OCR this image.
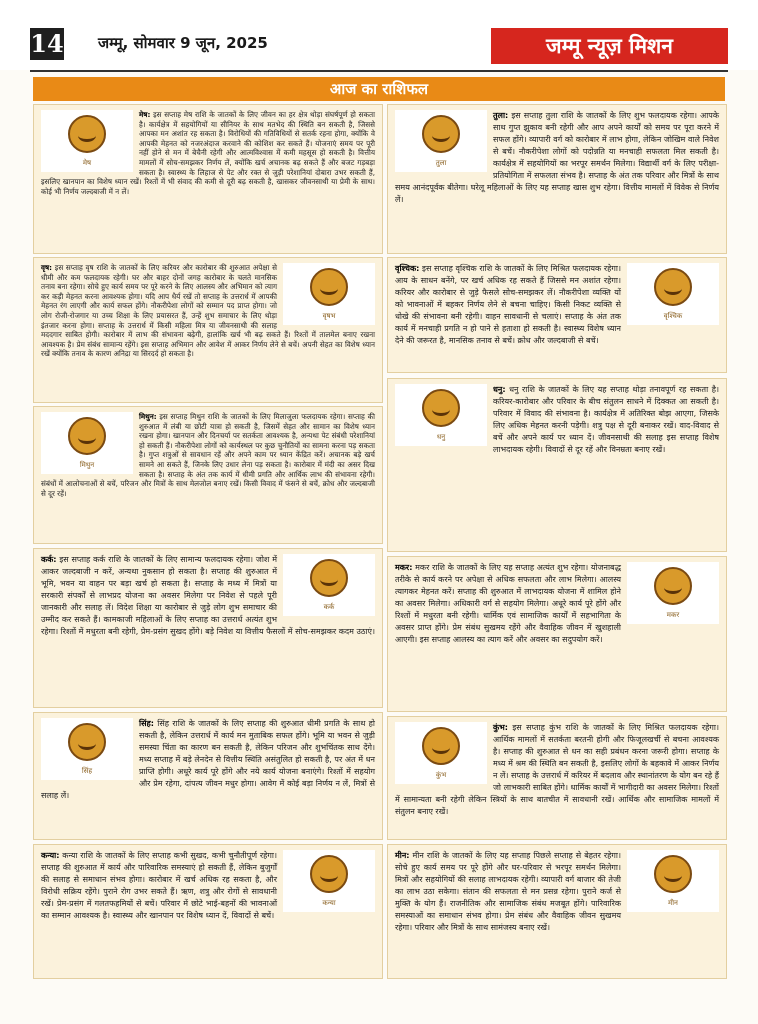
14 जम्मू, सोमवार 9 जून, 2025	जम्मू न्यूज़ मिशन
आज का राशिफल
मेष

मेष: इस सप्ताह मेष राशि के जातकों के लिए जीवन का हर क्षेत्र थोड़ा संघर्षपूर्ण हो सकता है। कार्यक्षेत्र में सहयोगियों या सीनियर के साथ मतभेद की स्थिति बन सकती है, जिससे आपका मन अशांत रह सकता है। विरोधियों की गतिविधियों से सतर्क रहना होगा, क्योंकि वे आपकी मेहनत को नजरअंदाज करवाने की कोशिश कर सकते हैं। योजनाएं समय पर पूरी नहीं होने से मन में बेचैनी रहेगी और आत्मविश्वास में कमी महसूस हो सकती है। वित्तीय मामलों में सोच-समझकर निर्णय लें, क्योंकि खर्च अचानक बढ़ सकते हैं और बजट गड़बड़ा सकता है। स्वास्थ्य के लिहाज से पेट और रक्त से जुड़ी परेशानियां दोबारा उभर सकती हैं, इसलिए खानपान का विशेष ध्यान रखें। रिश्तों में भी संवाद की कमी से दूरी बढ़ सकती है, खासकर जीवनसाथी या प्रेमी के साथ। कोई भी निर्णय जल्दबाजी में न लें।

वृषभ

वृष: इस सप्ताह वृष राशि के जातकों के लिए करियर और कारोबार की शुरुआत अपेक्षा से धीमी और कम फलदायक रहेगी। घर और बाहर दोनों जगह कारोबार के चलते मानसिक तनाव बना रहेगा। सोचे हुए कार्य समय पर पूरे करने के लिए आलस्य और अभिमान को त्याग कर कड़ी मेहनत करना आवश्यक होगा। यदि आप धैर्य रखें तो सप्ताह के उत्तरार्ध में आपकी मेहनत रंग लाएगी और कार्य सफल होंगे। नौकरीपेशा लोगों को सम्मान पद प्राप्त होगा। जो लोग रोजी-रोजगार या उच्च शिक्षा के लिए प्रयासरत हैं, उन्हें शुभ समाचार के लिए थोड़ा इंतजार करना होगा। सप्ताह के उत्तरार्ध में किसी महिला मित्र या जीवनसाथी की सलाह मददगार साबित होगी। कारोबार में लाभ की संभावना बढ़ेगी, हालांकि खर्च भी बढ़ सकते हैं। रिश्तों में तालमेल बनाए रखना आवश्यक है। प्रेम संबंध सामान्य रहेंगे। इस सप्ताह अभिमान और आवेश में आकर निर्णय लेने से बचें। अपनी सेहत का विशेष ध्यान रखें क्योंकि तनाव के कारण अनिद्रा या सिरदर्द हो सकता है।

मिथुन

मिथुन: इस सप्ताह मिथुन राशि के जातकों के लिए मिलाजुला फलदायक रहेगा। सप्ताह की शुरुआत में लंबी या छोटी यात्रा हो सकती है, जिसमें सेहत और सामान का विशेष ध्यान रखना होगा। खानपान और दिनचर्या पर सतर्कता आवश्यक है, अन्यथा पेट संबंधी परेशानियां हो सकती हैं। नौकरीपेशा लोगों को कार्यस्थल पर कुछ चुनौतियों का सामना करना पड़ सकता है। गुप्त शत्रुओं से सावधान रहें और अपने काम पर ध्यान केंद्रित करें। अचानक बड़े खर्च सामने आ सकते हैं, जिनके लिए उधार लेना पड़ सकता है। कारोबार में मंदी का असर दिख सकता है। सप्ताह के अंत तक कार्य में धीमी प्रगति और आर्थिक लाभ की संभावना रहेगी। संबंधों में आलोचनाओं से बचें, परिजन और मित्रों के साथ मेलजोल बनाए रखें। किसी विवाद में फंसने से बचें, क्रोध और जल्दबाजी से दूर रहें।

कर्क

कर्क: इस सप्ताह कर्क राशि के जातकों के लिए सामान्य फलदायक रहेगा। जोश में आकर जल्दबाजी न करें, अन्यथा नुकसान हो सकता है। सप्ताह की शुरुआत में भूमि, भवन या वाहन पर बड़ा खर्च हो सकता है। सप्ताह के मध्य में मित्रों या सरकारी संपर्कों से लाभप्रद योजना का अवसर मिलेगा पर निवेश से पहले पूरी जानकारी और सलाह लें। विदेश शिक्षा या कारोबार से जुड़े लोग शुभ समाचार की उम्मीद कर सकते हैं। कामकाजी महिलाओं के लिए सप्ताह का उत्तरार्ध अत्यंत शुभ रहेगा। रिश्तों में मधुरता बनी रहेगी, प्रेम-प्रसंग सुखद होंगे। बड़े निवेश या वित्तीय फैसलों में सोच-समझकर कदम उठाएं।

सिंह

सिंह: सिंह राशि के जातकों के लिए सप्ताह की शुरुआत धीमी प्रगति के साथ हो सकती है, लेकिन उत्तरार्ध में कार्य मन मुताबिक सफल होंगे। भूमि या भवन से जुड़ी समस्या चिंता का कारण बन सकती है, लेकिन परिजन और शुभचिंतक साथ देंगे। मध्य सप्ताह में बड़े लेनदेन से वित्तीय स्थिति असंतुलित हो सकती है, पर अंत में धन प्राप्ति होगी। अधूरे कार्य पूरे होंगे और नये कार्य योजना बनाएंगे। रिश्तों में सहयोग और प्रेम रहेगा, दांपत्य जीवन मधुर होगा। आवेग में कोई बड़ा निर्णय न लें, मित्रों से सलाह लें।

कन्या

कन्या: कन्या राशि के जातकों के लिए सप्ताह कभी सुखद, कभी चुनौतीपूर्ण रहेगा। सप्ताह की शुरुआत में कार्य और पारिवारिक समस्याएं हो सकती हैं, लेकिन बुजुर्गों की सलाह से समाधान संभव होगा। कारोबार में खर्च अधिक रह सकता है, और विरोधी सक्रिय रहेंगे। पुराने रोग उभर सकते हैं। ऋण, शत्रु और रोगों से सावधानी रखें। प्रेम-प्रसंग में गलतफहमियों से बचें। परिवार में छोटे भाई-बहनों की भावनाओं का सम्मान आवश्यक है। स्वास्थ्य और खानपान पर विशेष ध्यान दें, विवादों से बचें।

तुला

तुला: इस सप्ताह तुला राशि के जातकों के लिए शुभ फलदायक रहेगा। आपके साथ गुप्त झुकाव बनी रहेगी और आप अपने कार्यों को समय पर पूरा करने में सफल होंगे। व्यापारी वर्ग को कारोबार में लाभ होगा, लेकिन जोखिम वाले निवेश से बचें। नौकरीपेशा लोगों को पदोन्नति या मनचाही सफलता मिल सकती है। कार्यक्षेत्र में सहयोगियों का भरपूर समर्थन मिलेगा। विद्यार्थी वर्ग के लिए परीक्षा-प्रतियोगिता में सफलता संभव है। सप्ताह के अंत तक परिवार और मित्रों के साथ समय आनंदपूर्वक बीतेगा। घरेलू महिलाओं के लिए यह सप्ताह खास शुभ रहेगा। वित्तीय मामलों में विवेक से निर्णय लें।

वृश्चिक

वृश्चिक: इस सप्ताह वृश्चिक राशि के जातकों के लिए मिश्रित फलदायक रहेगा। आय के साधन बनेंगे, पर खर्च अधिक रह सकते हैं जिससे मन अशांत रहेगा। करियर और कारोबार से जुड़े फैसले सोच-समझकर लें। नौकरीपेशा व्यक्ति यों को भावनाओं में बहकर निर्णय लेने से बचना चाहिए। किसी निकट व्यक्ति से धोखे की संभावना बनी रहेगी। वाहन सावधानी से चलाएं। सप्ताह के अंत तक कार्य में मनचाही प्रगति न हो पाने से हताशा हो सकती है। स्वास्थ्य विशेष ध्यान देने की जरूरत है, मानसिक तनाव से बचें। क्रोध और जल्दबाजी से बचें।

धनु

धनु: धनु राशि के जातकों के लिए यह सप्ताह थोड़ा तनावपूर्ण रह सकता है। करियर-कारोबार और परिवार के बीच संतुलन साधने में दिक्कत आ सकती है। परिवार में विवाद की संभावना है। कार्यक्षेत्र में अतिरिक्त बोझ आएगा, जिसके लिए अधिक मेहनत करनी पड़ेगी। शत्रु पक्ष से दूरी बनाकर रखें। वाद-विवाद से बचें और अपने कार्य पर ध्यान दें। जीवनसाथी की सलाह इस सप्ताह विशेष लाभदायक रहेगी। विवादों से दूर रहें और विनम्रता बनाए रखें।

मकर

मकर: मकर राशि के जातकों के लिए यह सप्ताह अत्यंत शुभ रहेगा। योजनाबद्ध तरीके से कार्य करने पर अपेक्षा से अधिक सफलता और लाभ मिलेगा। आलस्य त्यागकर मेहनत करें। सप्ताह की शुरुआत में लाभदायक योजना में शामिल होने का अवसर मिलेगा। अधिकारी वर्ग से सहयोग मिलेगा। अधूरे कार्य पूरे होंगे और रिश्तों में मधुरता बनी रहेगी। धार्मिक एवं सामाजिक कार्यों में सहभागिता के अवसर प्राप्त होंगे। प्रेम संबंध सुखमय रहेंगे और वैवाहिक जीवन में खुशहाली आएगी। इस सप्ताह आलस्य का त्याग करें और अवसर का सदुपयोग करें।

कुंभ

कुंभ: इस सप्ताह कुंभ राशि के जातकों के लिए मिश्रित फलदायक रहेगा। आर्थिक मामलों में सतर्कता बरतनी होगी और फिजूलखर्ची से बचना आवश्यक है। सप्ताह की शुरुआत से धन का सही प्रबंधन करना जरूरी होगा। सप्ताह के मध्य में श्रम की स्थिति बन सकती है, इसलिए लोगों के बहकावे में आकर निर्णय न लें। सप्ताह के उत्तरार्ध में करियर में बदलाव और स्थानांतरण के योग बन रहे हैं जो लाभकारी साबित होंगे। धार्मिक कार्यों में भागीदारी का अवसर मिलेगा। रिश्तों में सामान्यता बनी रहेगी लेकिन स्त्रियों के साथ बातचीत में सावधानी रखें। आर्थिक और सामाजिक मामलों में संतुलन बनाए रखें।

मीन

मीन: मीन राशि के जातकों के लिए यह सप्ताह पिछले सप्ताह से बेहतर रहेगा। सोचे हुए कार्य समय पर पूरे होंगे और घर-परिवार से भरपूर समर्थन मिलेगा। मित्रों और सहयोगियों की सलाह लाभदायक रहेगी। व्यापारी वर्ग बाजार की तेजी का लाभ उठा सकेगा। संतान की सफलता से मन प्रसन्न रहेगा। पुराने कर्ज से मुक्ति के योग हैं। राजनीतिक और सामाजिक संबंध मजबूत होंगे। पारिवारिक समस्याओं का समाधान संभव होगा। प्रेम संबंध और वैवाहिक जीवन सुखमय रहेगा। परिवार और मित्रों के साथ सामंजस्य बनाए रखें।
